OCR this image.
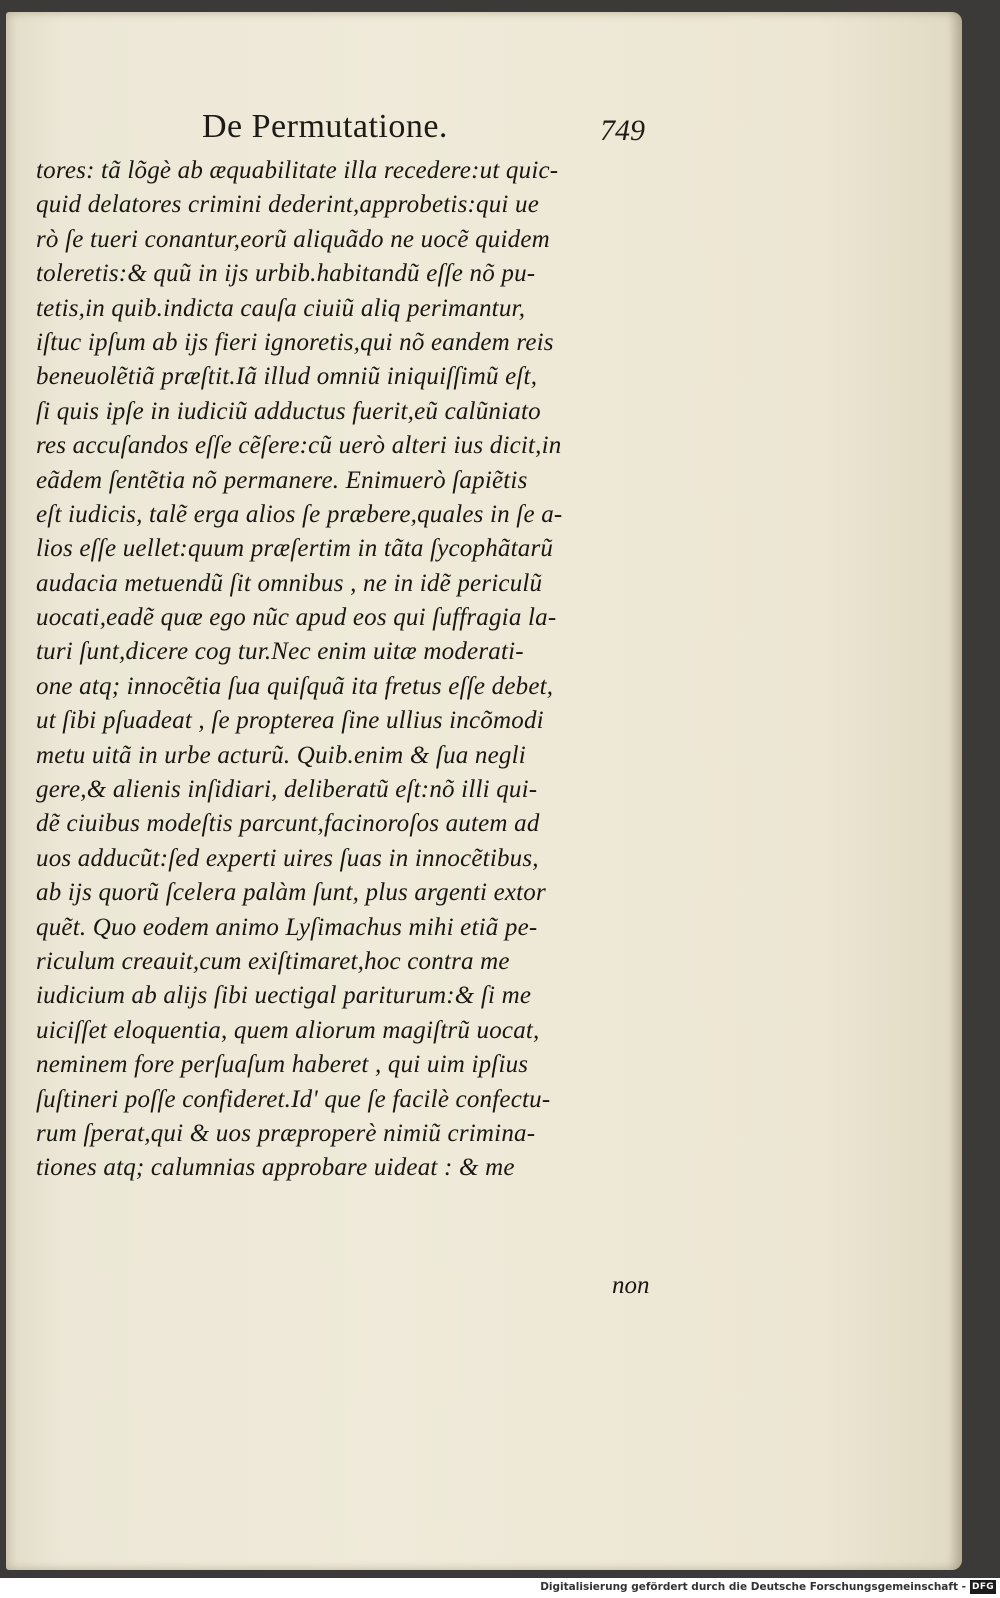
De Permutatione.	749
tores: tã lõgè ab æquabilitate illa recedere:ut quic-
quid delatores crimini dederint,approbetis:qui ue
rò ſe tueri conantur,eorũ aliquãdo ne uocẽ quidem
toleretis:& quũ in ijs urbib.habitandũ eſſe nõ pu-
tetis,in quib.indicta cauſa ciuiũ aliq perimantur,
iſtuc ipſum ab ijs fieri ignoretis,qui nõ eandem reis
beneuolẽtiã præſtit.Iã illud omniũ iniquiſſimũ eſt,
ſi quis ipſe in iudiciũ adductus fuerit,eũ calũniato
res accuſandos eſſe cẽſere:cũ uerò alteri ius dicit,in
eãdem ſentẽtia nõ permanere. Enimuerò ſapiẽtis
eſt iudicis, talẽ erga alios ſe præbere,quales in ſe a-
lios eſſe uellet:quum præſertim in tãta ſycophãtarũ
audacia metuendũ ſit omnibus , ne in idẽ periculũ
uocati,eadẽ quæ ego nũc apud eos qui ſuffragia la-
turi ſunt,dicere cog tur.Nec enim uitæ moderati-
one atq; innocẽtia ſua quiſquã ita fretus eſſe debet,
ut ſibi pſuadeat , ſe propterea ſine ullius incõmodi
metu uitã in urbe acturũ. Quib.enim & ſua negli
gere,& alienis inſidiari, deliberatũ eſt:nõ illi qui-
dẽ ciuibus modeſtis parcunt,facinoroſos autem ad
uos adducũt:ſed experti uires ſuas in innocẽtibus,
ab ijs quorũ ſcelera palàm ſunt, plus argenti extor
quẽt. Quo eodem animo Lyſimachus mihi etiã pe-
riculum creauit,cum exiſtimaret,hoc contra me
iudicium ab alijs ſibi uectigal pariturum:& ſi me
uiciſſet eloquentia, quem aliorum magiſtrũ uocat,
neminem fore perſuaſum haberet , qui uim ipſius
ſuſtineri poſſe confideret.Id' que ſe facilè confectu-
rum ſperat,qui & uos præproperè nimiũ crimina-
tiones atq; calumnias approbare uideat : & me
non
Digitalisierung gefördert durch die Deutsche Forschungsgemeinschaft - DFG
